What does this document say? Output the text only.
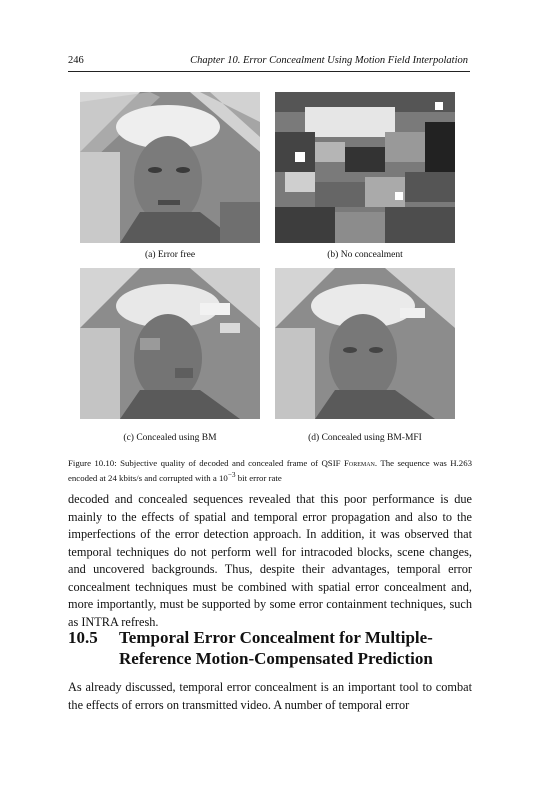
246	Chapter 10. Error Concealment Using Motion Field Interpolation
(a) Error free	(b) No concealment
(c) Concealed using BM	(d) Concealed using BM-MFI
Figure 10.10: Subjective quality of decoded and concealed frame of QSIF Foreman. The sequence was H.263 encoded at 24 kbits/s and corrupted with a $10^{-3}$ bit error rate
decoded and concealed sequences revealed that this poor performance is due mainly to the effects of spatial and temporal error propagation and also to the imperfections of the error detection approach. In addition, it was observed that temporal techniques do not perform well for intracoded blocks, scene changes, and uncovered backgrounds. Thus, despite their advantages, temporal error concealment techniques must be combined with spatial error concealment and, more importantly, must be supported by some error containment techniques, such as INTRA refresh.
10.5 Temporal Error Concealment for Multiple-Reference Motion-Compensated Prediction
As already discussed, temporal error concealment is an important tool to combat the effects of errors on transmitted video. A number of temporal error
